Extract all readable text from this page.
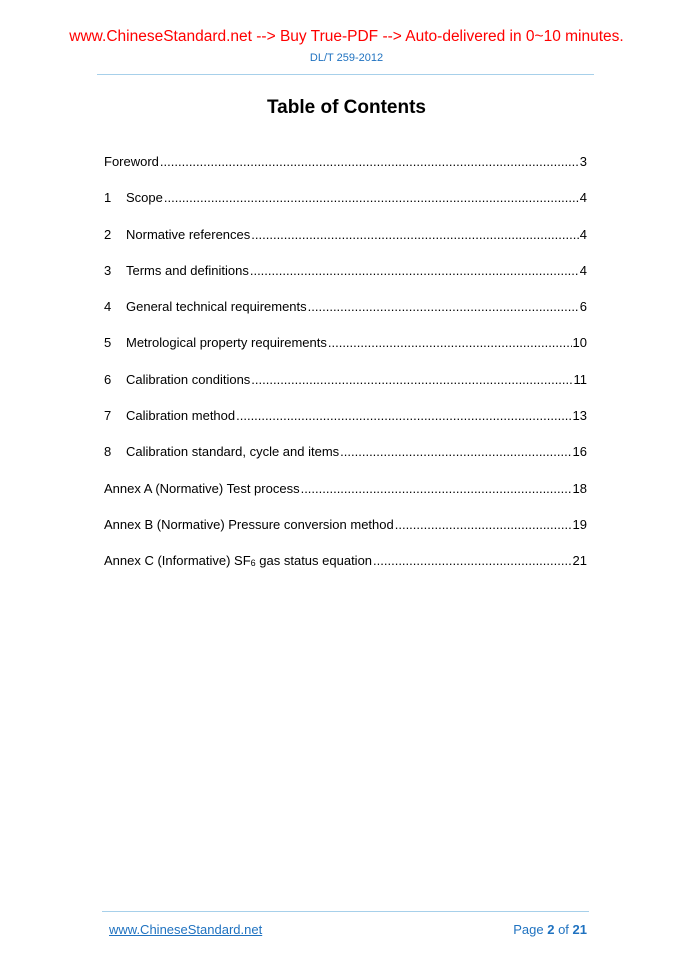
www.ChineseStandard.net --> Buy True-PDF --> Auto-delivered in 0~10 minutes.
DL/T 259-2012
Table of Contents
Foreword .....	3
1	Scope .....	4
2	Normative references .....	4
3	Terms and definitions .....	4
4	General technical requirements .....	6
5	Metrological property requirements .....	10
6	Calibration conditions .....	11
7	Calibration method .....	13
8	Calibration standard, cycle and items .....	16
Annex A (Normative) Test process .....	18
Annex B (Normative) Pressure conversion method .....	19
Annex C (Informative) SF6 gas status equation .....	21
www.ChineseStandard.net	Page 2 of 21
